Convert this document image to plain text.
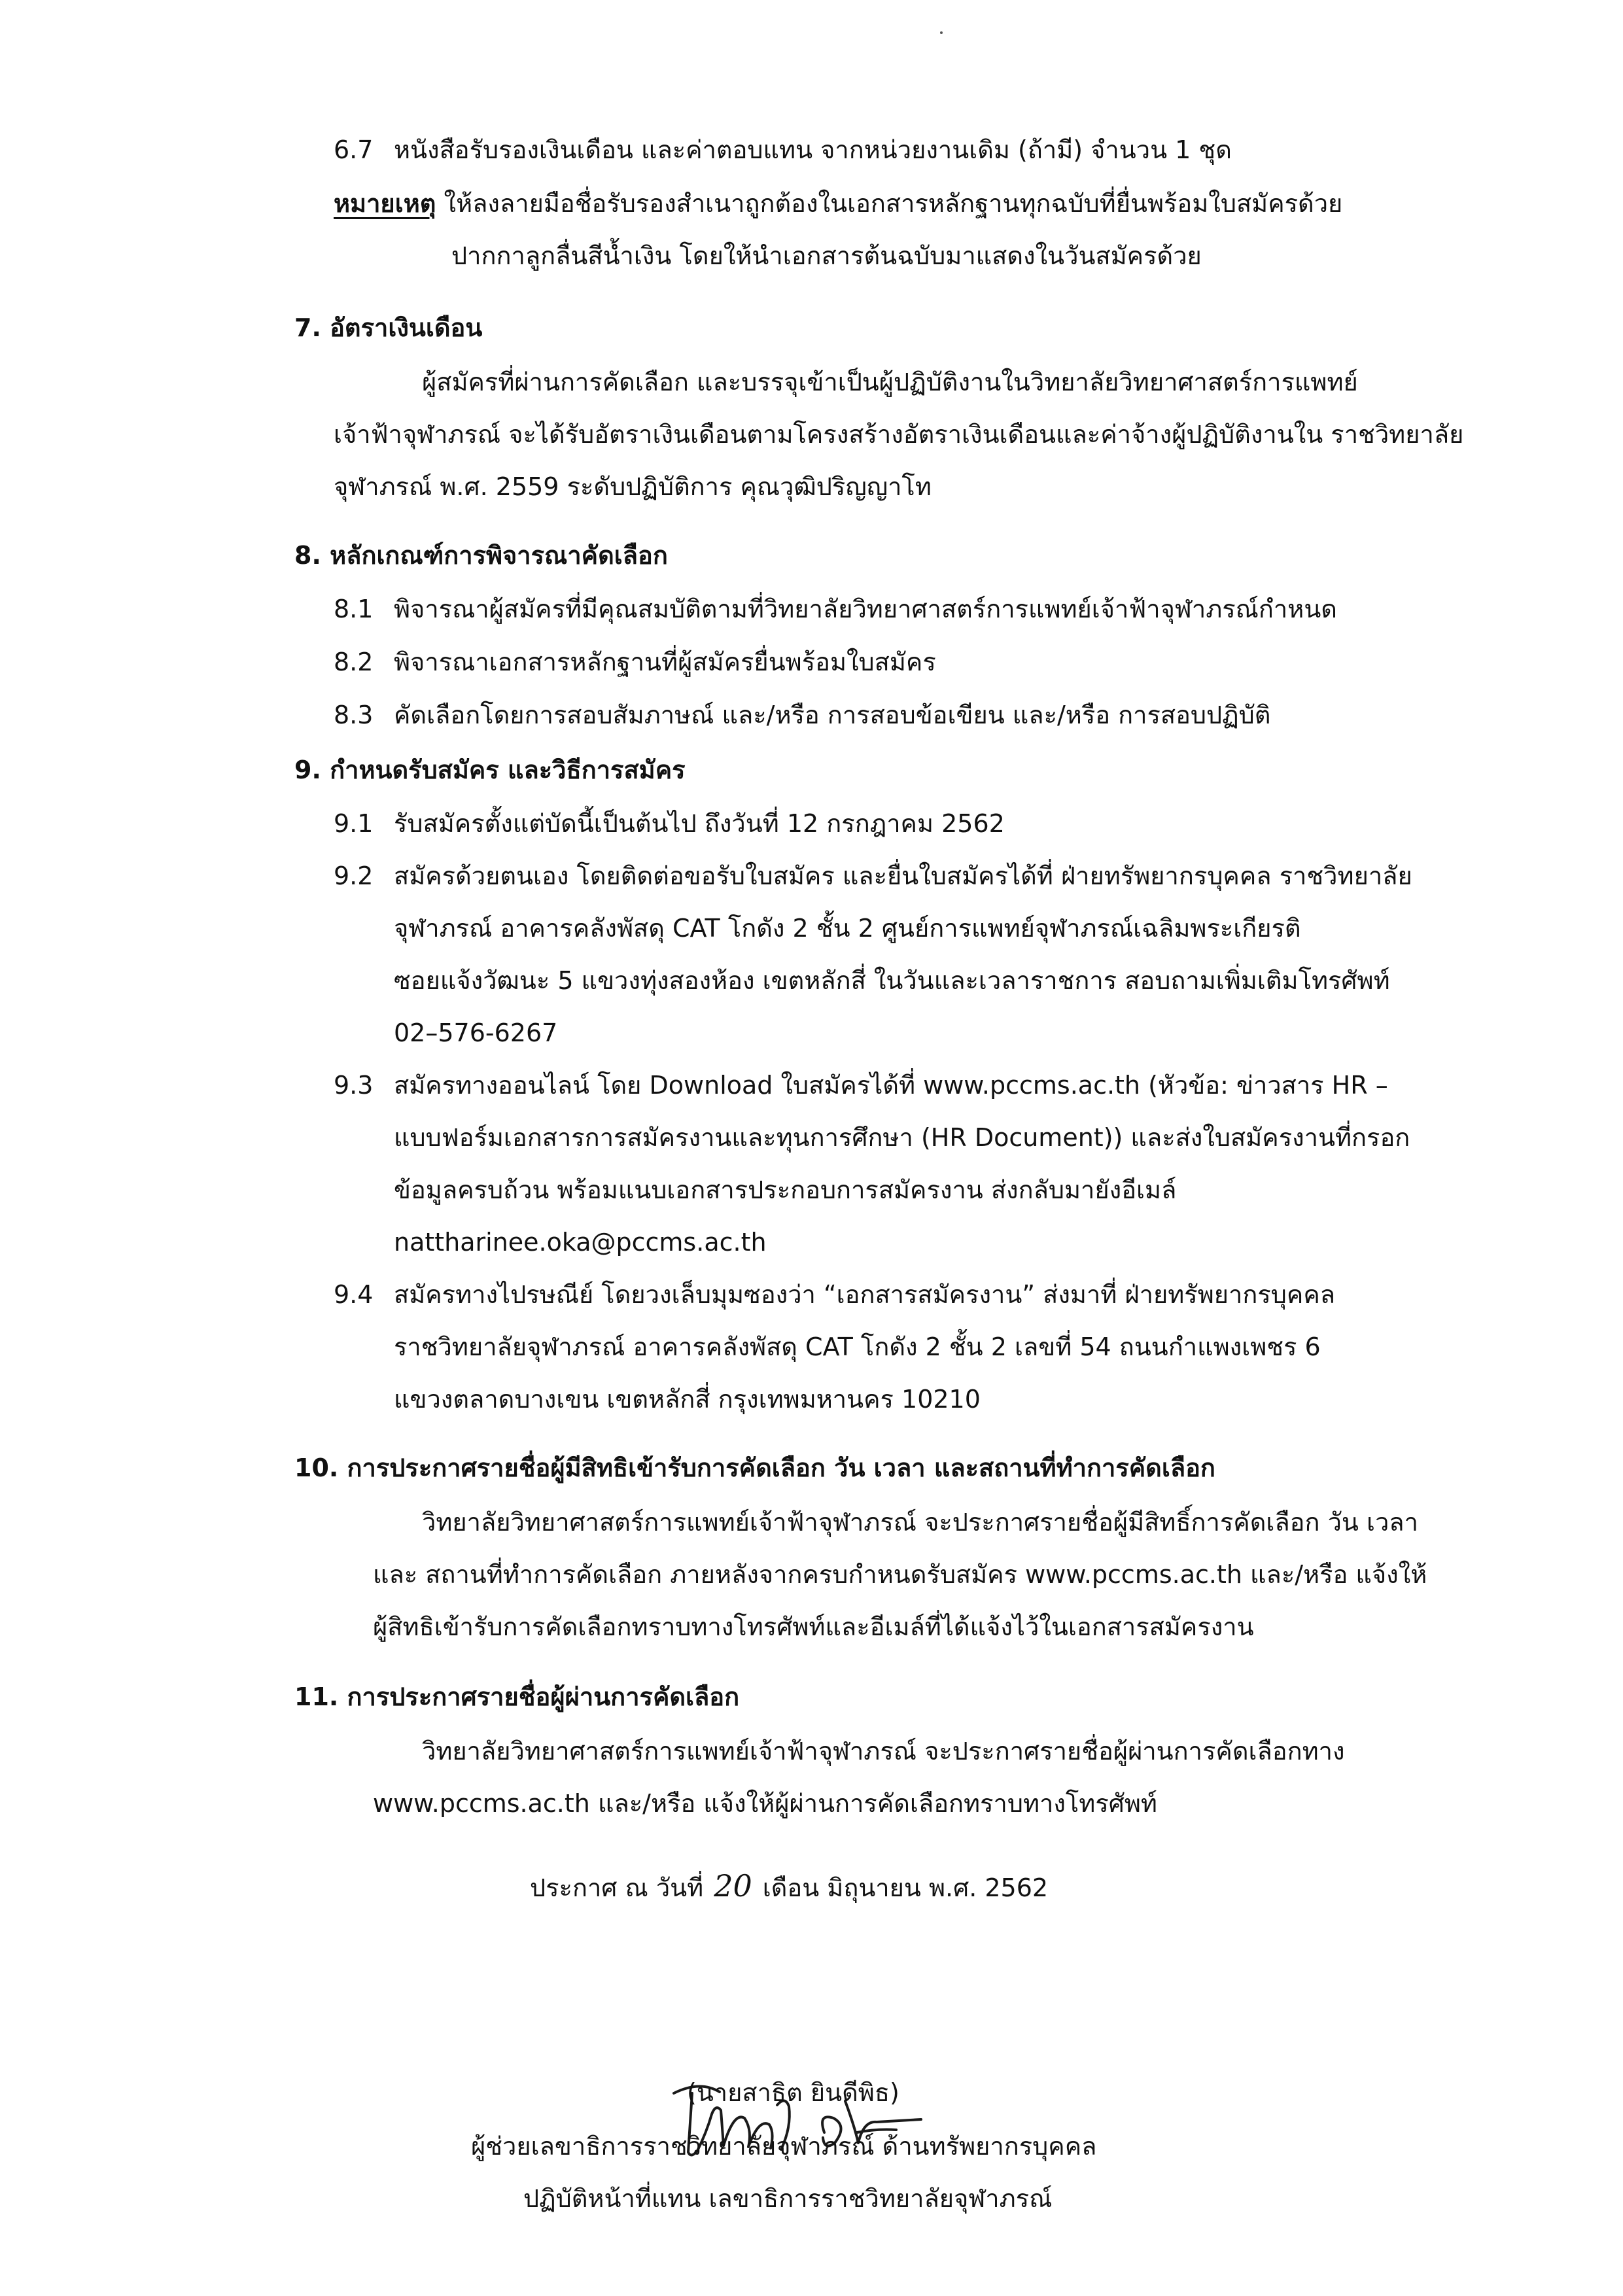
6.7 หนังสือรับรองเงินเดือน และค่าตอบแทน จากหน่วยงานเดิม (ถ้ามี) จำนวน 1 ชุด
หมายเหตุ ให้ลงลายมือชื่อรับรองสำเนาถูกต้องในเอกสารหลักฐานทุกฉบับที่ยื่นพร้อมใบสมัครด้วย
ปากกาลูกลื่นสีน้ำเงิน โดยให้นำเอกสารต้นฉบับมาแสดงในวันสมัครด้วย
7. อัตราเงินเดือน
ผู้สมัครที่ผ่านการคัดเลือก และบรรจุเข้าเป็นผู้ปฏิบัติงานในวิทยาลัยวิทยาศาสตร์การแพทย์
เจ้าฟ้าจุฬาภรณ์ จะได้รับอัตราเงินเดือนตามโครงสร้างอัตราเงินเดือนและค่าจ้างผู้ปฏิบัติงานใน ราชวิทยาลัย
จุฬาภรณ์ พ.ศ. 2559 ระดับปฏิบัติการ คุณวุฒิปริญญาโท
8. หลักเกณฑ์การพิจารณาคัดเลือก
8.1 พิจารณาผู้สมัครที่มีคุณสมบัติตามที่วิทยาลัยวิทยาศาสตร์การแพทย์เจ้าฟ้าจุฬาภรณ์กำหนด
8.2 พิจารณาเอกสารหลักฐานที่ผู้สมัครยื่นพร้อมใบสมัคร
8.3 คัดเลือกโดยการสอบสัมภาษณ์ และ/หรือ การสอบข้อเขียน และ/หรือ การสอบปฏิบัติ
9. กำหนดรับสมัคร และวิธีการสมัคร
9.1 รับสมัครตั้งแต่บัดนี้เป็นต้นไป ถึงวันที่ 12 กรกฎาคม 2562
9.2 สมัครด้วยตนเอง โดยติดต่อขอรับใบสมัคร และยื่นใบสมัครได้ที่ ฝ่ายทรัพยากรบุคคล ราชวิทยาลัย
จุฬาภรณ์ อาคารคลังพัสดุ CAT โกดัง 2 ชั้น 2 ศูนย์การแพทย์จุฬาภรณ์เฉลิมพระเกียรติ
ซอยแจ้งวัฒนะ 5 แขวงทุ่งสองห้อง เขตหลักสี่ ในวันและเวลาราชการ สอบถามเพิ่มเติมโทรศัพท์
02–576-6267
9.3 สมัครทางออนไลน์ โดย Download ใบสมัครได้ที่ www.pccms.ac.th (หัวข้อ: ข่าวสาร HR –
แบบฟอร์มเอกสารการสมัครงานและทุนการศึกษา (HR Document)) และส่งใบสมัครงานที่กรอก
ข้อมูลครบถ้วน พร้อมแนบเอกสารประกอบการสมัครงาน ส่งกลับมายังอีเมล์
nattharinee.oka@pccms.ac.th
9.4 สมัครทางไปรษณีย์ โดยวงเล็บมุมซองว่า “เอกสารสมัครงาน” ส่งมาที่ ฝ่ายทรัพยากรบุคคล
ราชวิทยาลัยจุฬาภรณ์ อาคารคลังพัสดุ CAT โกดัง 2 ชั้น 2 เลขที่ 54 ถนนกำแพงเพชร 6
แขวงตลาดบางเขน เขตหลักสี่ กรุงเทพมหานคร 10210
10. การประกาศรายชื่อผู้มีสิทธิเข้ารับการคัดเลือก วัน เวลา และสถานที่ทำการคัดเลือก
วิทยาลัยวิทยาศาสตร์การแพทย์เจ้าฟ้าจุฬาภรณ์ จะประกาศรายชื่อผู้มีสิทธิ์การคัดเลือก วัน เวลา
และ สถานที่ทำการคัดเลือก ภายหลังจากครบกำหนดรับสมัคร www.pccms.ac.th และ/หรือ แจ้งให้
ผู้สิทธิเข้ารับการคัดเลือกทราบทางโทรศัพท์และอีเมล์ที่ได้แจ้งไว้ในเอกสารสมัครงาน
11. การประกาศรายชื่อผู้ผ่านการคัดเลือก
วิทยาลัยวิทยาศาสตร์การแพทย์เจ้าฟ้าจุฬาภรณ์ จะประกาศรายชื่อผู้ผ่านการคัดเลือกทาง
www.pccms.ac.th และ/หรือ แจ้งให้ผู้ผ่านการคัดเลือกทราบทางโทรศัพท์
ประกาศ ณ วันที่ 20 เดือน มิถุนายน พ.ศ. 2562
(นายสาธิต ยินดีพิธ)
ผู้ช่วยเลขาธิการราชวิทยาลัยจุฬาภรณ์ ด้านทรัพยากรบุคคล
ปฏิบัติหน้าที่แทน เลขาธิการราชวิทยาลัยจุฬาภรณ์
